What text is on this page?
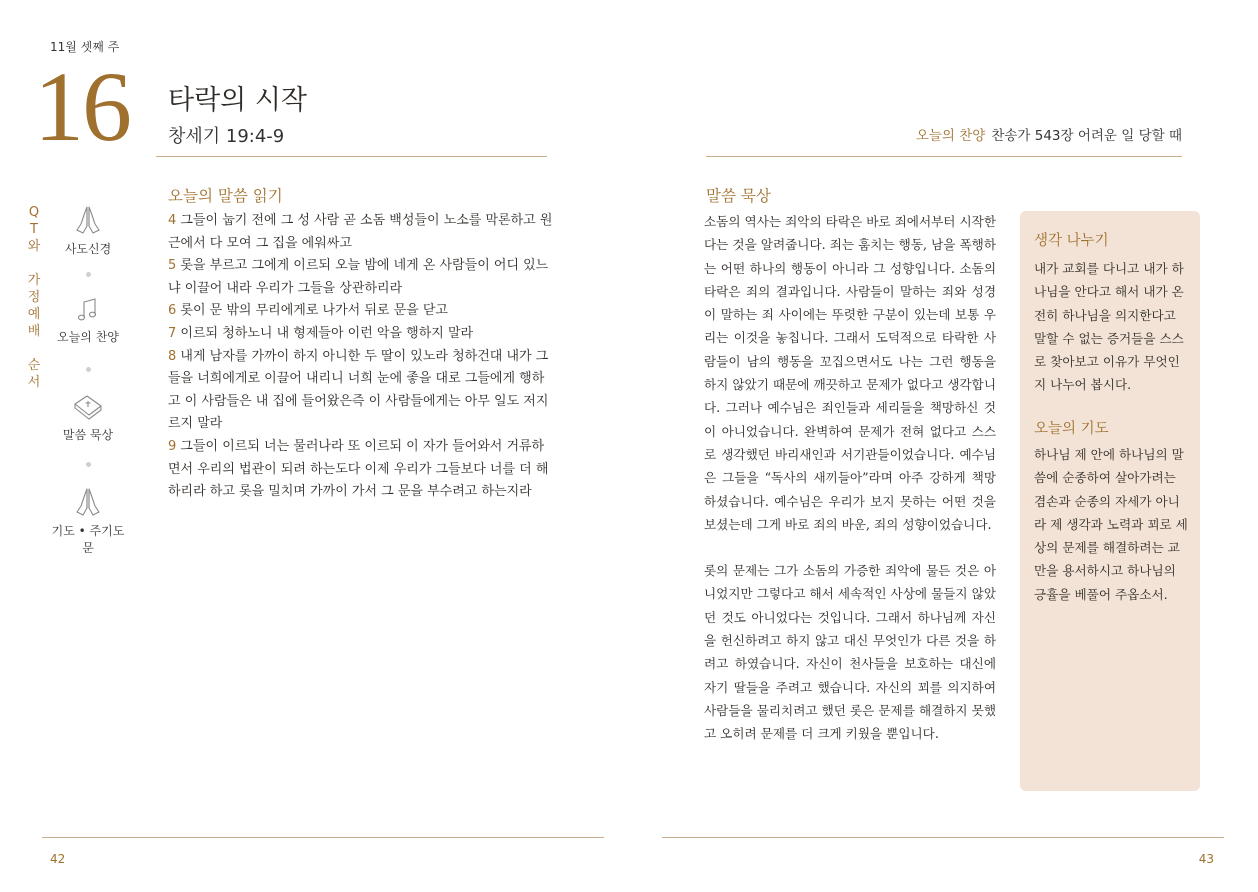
11월 셋째 주
16 타락의 시작
창세기 19:4-9	오늘의 찬양 찬송가 543장 어려운 일 당할 때
Q
T
와
가
정
예
배
순
서
사도신경
오늘의 찬양
말씀 묵상
기도 • 주기도문
오늘의 말씀 읽기
4 그들이 눕기 전에 그 성 사람 곧 소돔 백성들이 노소를 막론하고 원근에서 다 모여 그 집을 에워싸고
5 롯을 부르고 그에게 이르되 오늘 밤에 네게 온 사람들이 어디 있느냐 이끌어 내라 우리가 그들을 상관하리라
6 롯이 문 밖의 무리에게로 나가서 뒤로 문을 닫고
7 이르되 청하노니 내 형제들아 이런 악을 행하지 말라
8 내게 남자를 가까이 하지 아니한 두 딸이 있노라 청하건대 내가 그들을 너희에게로 이끌어 내리니 너희 눈에 좋을 대로 그들에게 행하고 이 사람들은 내 집에 들어왔은즉 이 사람들에게는 아무 일도 저지르지 말라
9 그들이 이르되 너는 물러나라 또 이르되 이 자가 들어와서 거류하면서 우리의 법관이 되려 하는도다 이제 우리가 그들보다 너를 더 해하리라 하고 롯을 밀치며 가까이 가서 그 문을 부수려고 하는지라
말씀 묵상

소돔의 역사는 죄악의 타락은 바로 죄에서부터 시작한다는 것을 알려줍니다. 죄는 훔치는 행동, 남을 폭행하는 어떤 하나의 행동이 아니라 그 성향입니다. 소돔의 타락은 죄의 결과입니다. 사람들이 말하는 죄와 성경이 말하는 죄 사이에는 뚜렷한 구분이 있는데 보통 우리는 이것을 놓칩니다. 그래서 도덕적으로 타락한 사람들이 남의 행동을 꼬집으면서도 나는 그런 행동을 하지 않았기 때문에 깨끗하고 문제가 없다고 생각합니다. 그러나 예수님은 죄인들과 세리들을 책망하신 것이 아니었습니다. 완벽하여 문제가 전혀 없다고 스스로 생각했던 바리새인과 서기관들이었습니다. 예수님은 그들을 “독사의 새끼들아”라며 아주 강하게 책망하셨습니다. 예수님은 우리가 보지 못하는 어떤 것을 보셨는데 그게 바로 죄의 바운, 죄의 성향이었습니다.

롯의 문제는 그가 소돔의 가증한 죄악에 물든 것은 아니었지만 그렇다고 해서 세속적인 사상에 물들지 않았던 것도 아니었다는 것입니다. 그래서 하나님께 자신을 헌신하려고 하지 않고 대신 무엇인가 다른 것을 하려고 하였습니다. 자신이 천사들을 보호하는 대신에 자기 딸들을 주려고 했습니다. 자신의 꾀를 의지하여 사람들을 물리치려고 했던 롯은 문제를 해결하지 못했고 오히려 문제를 더 크게 키웠을 뿐입니다.

생각 나누기
내가 교회를 다니고 내가 하나님을 안다고 해서 내가 온전히 하나님을 의지한다고 말할 수 없는 증거들을 스스로 찾아보고 이유가 무엇인지 나누어 봅시다.
오늘의 기도
하나님 제 안에 하나님의 말씀에 순종하여 살아가려는 겸손과 순종의 자세가 아니라 제 생각과 노력과 꾀로 세상의 문제를 해결하려는 교만을 용서하시고 하나님의 긍휼을 베풀어 주옵소서.
42	43
